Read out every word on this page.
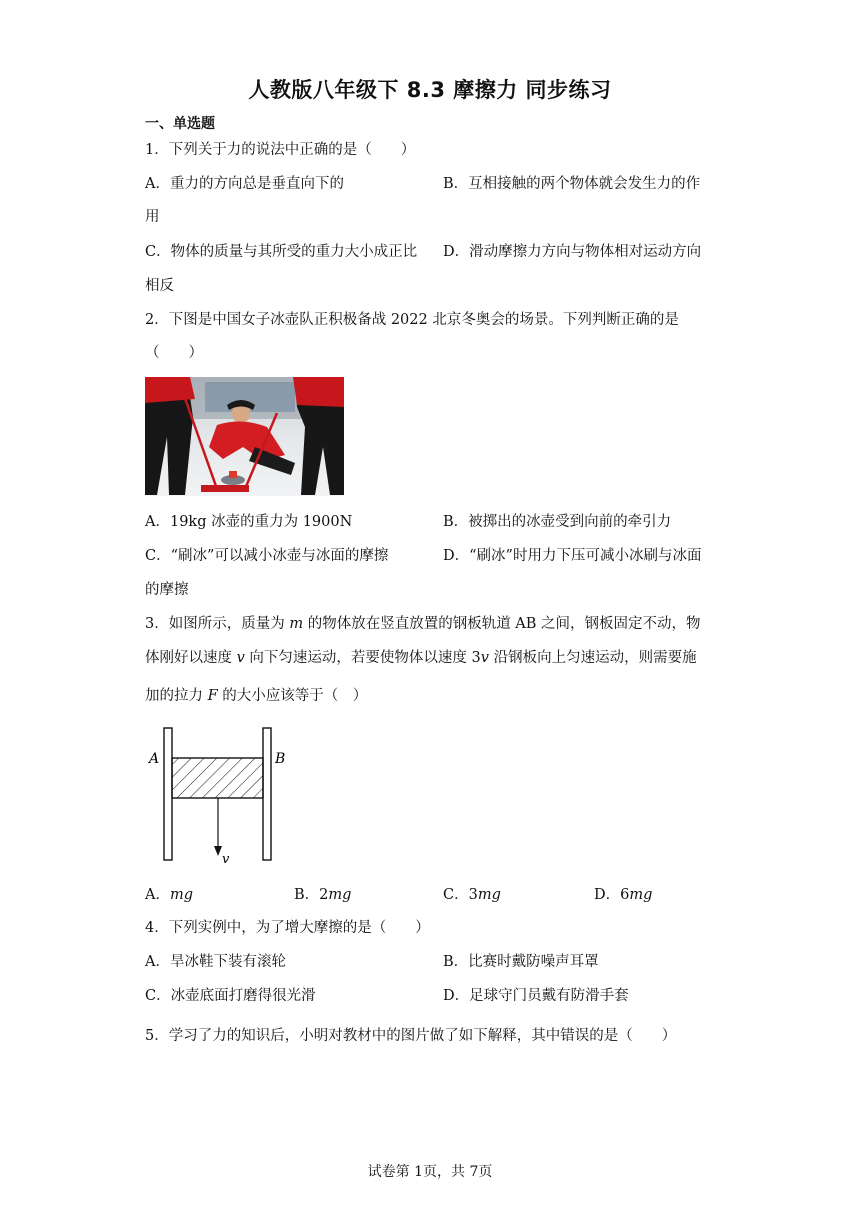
人教版八年级下 8.3 摩擦力 同步练习
一、单选题
1．下列关于力的说法中正确的是（　　）
A．重力的方向总是垂直向下的	B．互相接触的两个物体就会发生力的作
用
C．物体的质量与其所受的重力大小成正比 D．滑动摩擦力方向与物体相对运动方向
相反
2．下图是中国女子冰壶队正积极备战 2022 北京冬奥会的场景。下列判断正确的是
（　　）
A．19kg 冰壶的重力为 1900N	B．被掷出的冰壶受到向前的牵引力
C．“刷冰”可以减小冰壶与冰面的摩擦	D．“刷冰”时用力下压可减小冰刷与冰面
的摩擦
3．如图所示，质量为 m 的物体放在竖直放置的钢板轨道 AB 之间，钢板固定不动，物
体刚好以速度 v 向下匀速运动，若要使物体以速度 3v 沿钢板向上匀速运动，则需要施
加的拉力 F 的大小应该等于（　）
A	B
v
A．mg	B．2mg	C．3mg	D．6mg
4．下列实例中，为了增大摩擦的是（　　）
A．旱冰鞋下装有滚轮	B．比赛时戴防噪声耳罩
C．冰壶底面打磨得很光滑	D．足球守门员戴有防滑手套
5．学习了力的知识后，小明对教材中的图片做了如下解释，其中错误的是（　　）
试卷第 1页，共 7页
